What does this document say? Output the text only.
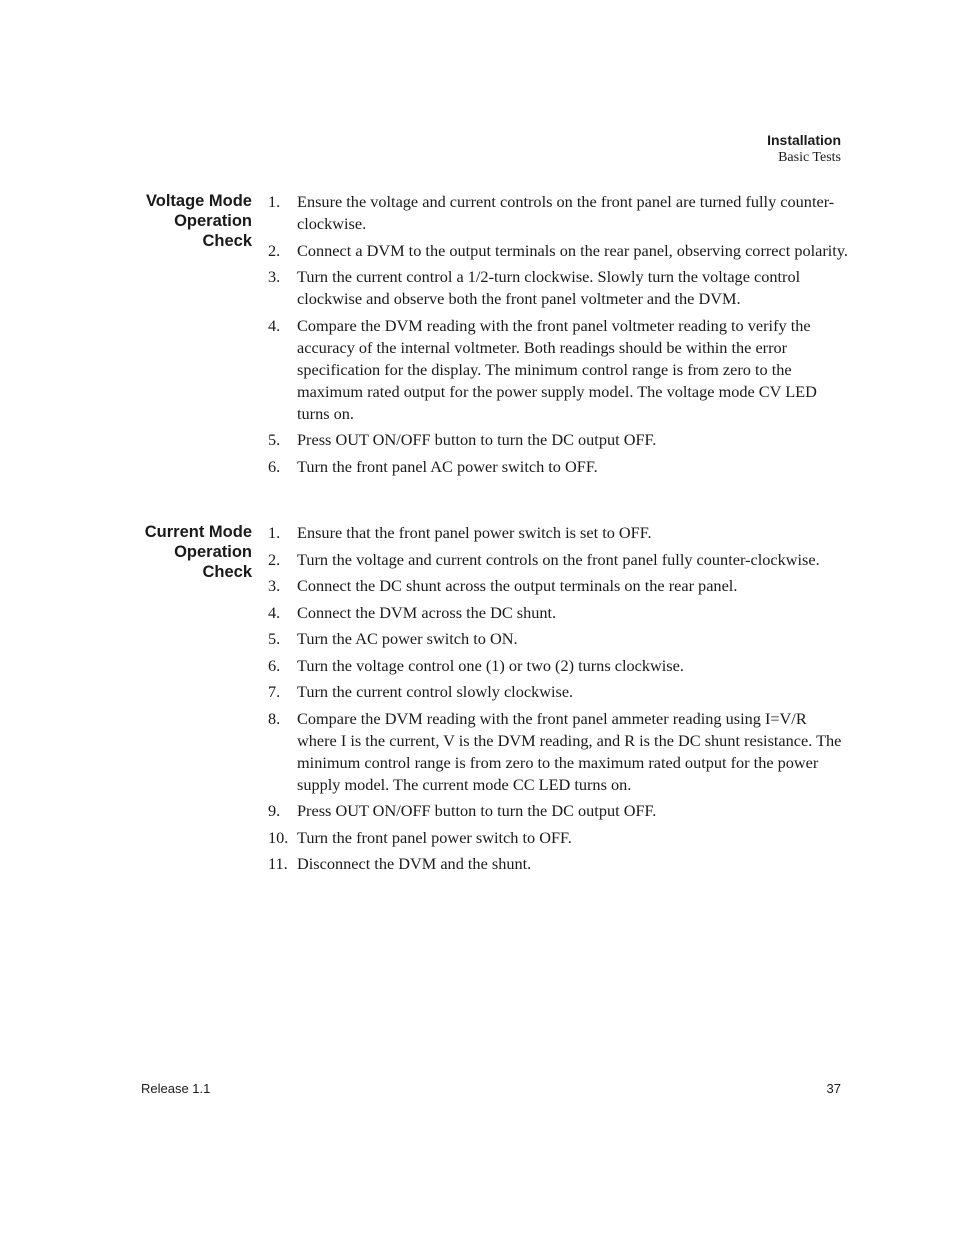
Installation
Basic Tests
Voltage Mode
Operation
Check
1.	Ensure the voltage and current controls on the front panel are turned fully counter-clockwise.
2.	Connect a DVM to the output terminals on the rear panel, observing correct polarity.
3.	Turn the current control a 1/2-turn clockwise. Slowly turn the voltage control clockwise and observe both the front panel voltmeter and the DVM.
4.	Compare the DVM reading with the front panel voltmeter reading to verify the accuracy of the internal voltmeter. Both readings should be within the error specification for the display. The minimum control range is from zero to the maximum rated output for the power supply model. The voltage mode CV LED turns on.
5.	Press OUT ON/OFF button to turn the DC output OFF.
6.	Turn the front panel AC power switch to OFF.
Current Mode
Operation
Check
1.	Ensure that the front panel power switch is set to OFF.
2.	Turn the voltage and current controls on the front panel fully counter-clockwise.
3.	Connect the DC shunt across the output terminals on the rear panel.
4.	Connect the DVM across the DC shunt.
5.	Turn the AC power switch to ON.
6.	Turn the voltage control one (1) or two (2) turns clockwise.
7.	Turn the current control slowly clockwise.
8.	Compare the DVM reading with the front panel ammeter reading using I=V/R where I is the current, V is the DVM reading, and R is the DC shunt resistance. The minimum control range is from zero to the maximum rated output for the power supply model. The current mode CC LED turns on.
9.	Press OUT ON/OFF button to turn the DC output OFF.
10. Turn the front panel power switch to OFF.
11. Disconnect the DVM and the shunt.
Release 1.1	37
